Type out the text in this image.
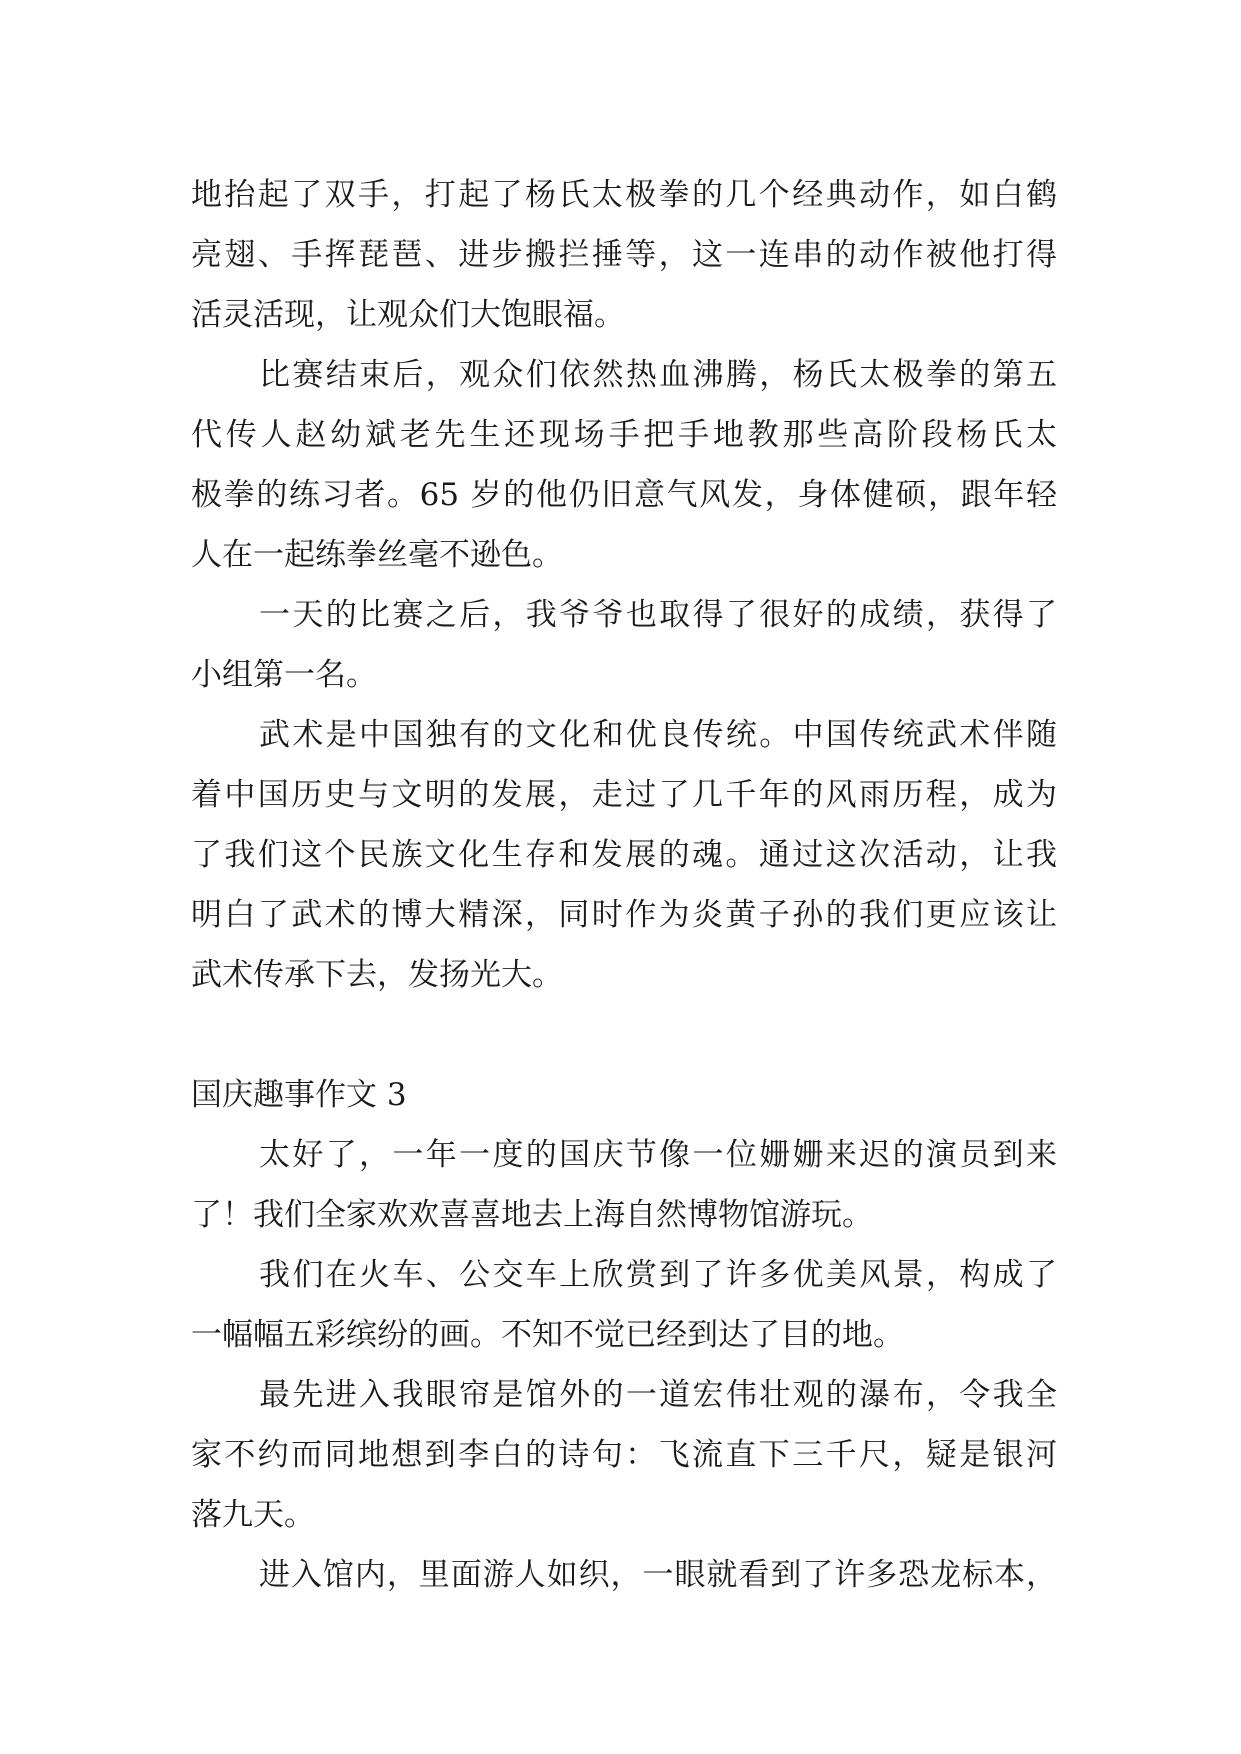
地抬起了双手，打起了杨氏太极拳的几个经典动作，如白鹤
亮翅、手挥琵琶、进步搬拦捶等，这一连串的动作被他打得
活灵活现，让观众们大饱眼福。
比赛结束后，观众们依然热血沸腾，杨氏太极拳的第五
代传人赵幼斌老先生还现场手把手地教那些高阶段杨氏太
极拳的练习者。65 岁的他仍旧意气风发，身体健硕，跟年轻
人在一起练拳丝毫不逊色。
一天的比赛之后，我爷爷也取得了很好的成绩，获得了
小组第一名。
武术是中国独有的文化和优良传统。中国传统武术伴随
着中国历史与文明的发展，走过了几千年的风雨历程，成为
了我们这个民族文化生存和发展的魂。通过这次活动，让我
明白了武术的博大精深，同时作为炎黄子孙的我们更应该让
武术传承下去，发扬光大。
国庆趣事作文 3
太好了，一年一度的国庆节像一位姗姗来迟的演员到来
了！我们全家欢欢喜喜地去上海自然博物馆游玩。
我们在火车、公交车上欣赏到了许多优美风景，构成了
一幅幅五彩缤纷的画。不知不觉已经到达了目的地。
最先进入我眼帘是馆外的一道宏伟壮观的瀑布，令我全
家不约而同地想到李白的诗句：飞流直下三千尺，疑是银河
落九天。
进入馆内，里面游人如织，一眼就看到了许多恐龙标本，
